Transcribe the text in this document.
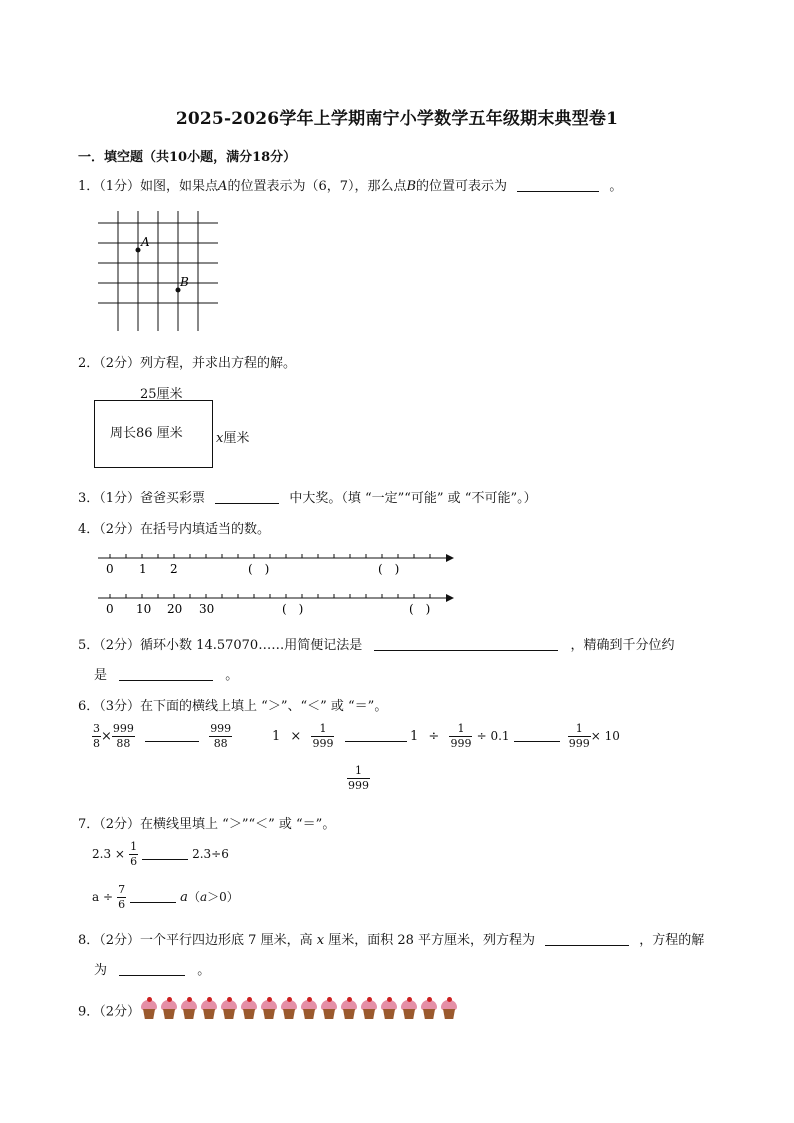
2025-2026学年上学期南宁小学数学五年级期末典型卷1
一．填空题（共10小题，满分18分）
1．（1分）如图，如果点A的位置表示为（6，7），那么点B的位置可表示为	。
A
B
2．（2分）列方程，并求出方程的解。
25厘米
周长86 厘米	x厘米
3．（1分）爸爸买彩票	中大奖。（填 “一定”“可能” 或 “不可能”。）
4．（2分）在括号内填适当的数。
0 1 2	(　)	(　)
0 10 20 30	(　)	(　)
5．（2分）循环小数 14.57070……用简便记法是	，精确到千分位约
是	。
6．（3分）在下面的横线上填上 “＞”、“＜” 或 “＝”。
$\frac{3}{8} \times \frac{999}{88}$
	$\frac{999}{88}$	$1 \times \frac{1}{999}$
	$1 \div \frac{1}{999} \div 0.1$	$\frac{1}{999} \times 10$
$\frac{1}{999}$
7．（2分）在横线里填上 “＞”“＜” 或 “＝”。
$2.3 \times \frac{1}{6}$	2.3÷6
$a \div \frac{7}{6}$	a（a＞0）
8．（2分）一个平行四边形底 7 厘米，高 x 厘米，面积 28 平方厘米，列方程为	，方程的解
为	。
9．（2分）
